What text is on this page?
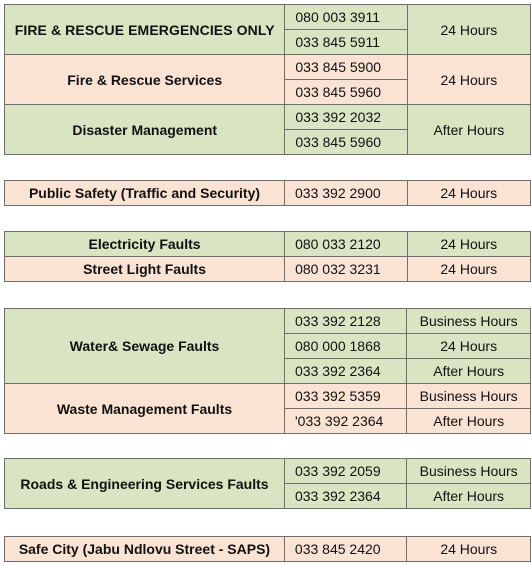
FIRE & RESCUE EMERGENCIES ONLY	080 003 3911	24 Hours
	033 845 5911	
Fire & Rescue Services	033 845 5900	24 Hours
	033 845 5960	
Disaster Management	033 392 2032	After Hours
	033 845 5960	
Public Safety (Traffic and Security)	033 392 2900	24 Hours
Electricity Faults	080 033 2120	24 Hours
Street Light Faults	080 032 3231	24 Hours
Water& Sewage Faults	033 392 2128	Business Hours
	080 000 1868	24 Hours
	033 392 2364	After Hours
Waste Management Faults	033 392 5359	Business Hours
	'033 392 2364	After Hours
Roads & Engineering Services Faults	033 392 2059	Business Hours
	033 392 2364	After Hours
Safe City (Jabu Ndlovu Street - SAPS)	033 845 2420	24 Hours
